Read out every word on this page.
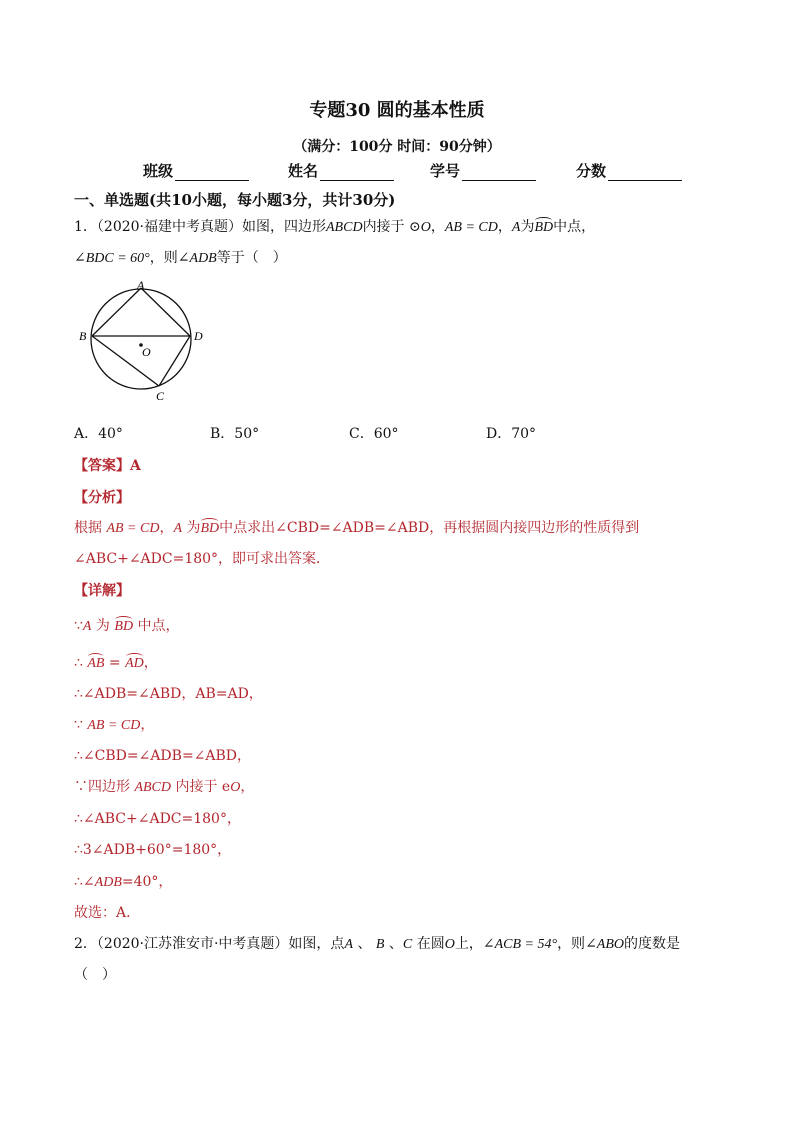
专题30 圆的基本性质
（满分：100分 时间：90分钟）
班级	姓名	学号	分数
一、单选题(共10小题，每小题3分，共计30分)
1．（2020·福建中考真题）如图，四边形ABCD内接于 ⊙O，AB = CD，A为BD中点，
∠BDC = 60°，则∠ADB等于（　）
A
B	D
C
O
A．40°	B．50°	C．60°	D．70°
【答案】A
【分析】
根据 AB = CD，A 为BD中点求出∠CBD=∠ADB=∠ABD，再根据圆内接四边形的性质得到
∠ABC+∠ADC=180°，即可求出答案．
【详解】
∵A 为 BD 中点，
∴ AB = AD，
∴∠ADB=∠ABD，AB=AD，
∵ AB = CD，
∴∠CBD=∠ADB=∠ABD，
∵四边形 ABCD 内接于 eO，
∴∠ABC+∠ADC=180°，
∴3∠ADB+60°=180°，
∴∠ADB=40°，
故选：A．
2．（2020·江苏淮安市·中考真题）如图，点A 、 B 、C 在圆O上，∠ACB = 54°，则∠ABO的度数是
（　）
